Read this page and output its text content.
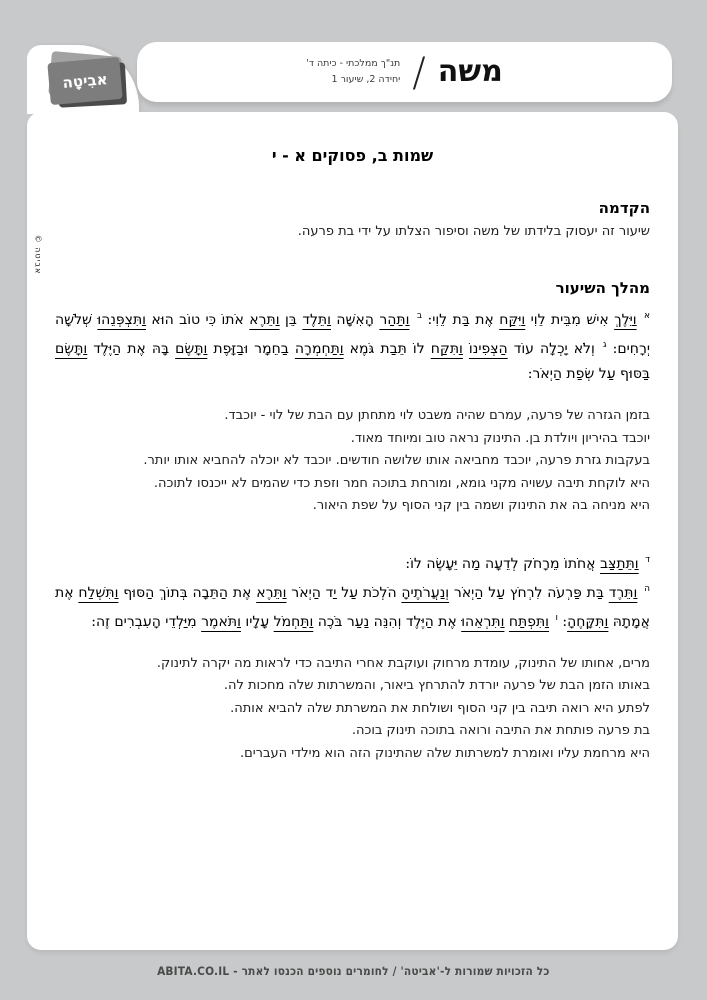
משה
/
תנ"ך ממלכתי - כיתה ד'
יחידה 2, שיעור 1
אבִיטָה
שמות ב, פסוקים א - י
הקדמה
שיעור זה יעסוק בלידתו של משה וסיפור הצלתו על ידי בת פרעה.
מהלך השיעור
$^א$ וַיֵּלֶךְ אִישׁ מִבֵּית לֵוִי וַיִּקַּח אֶת בַּת לֵוִי: $^ב$ וַתַּהַר הָאִשָּׁה וַתֵּלֶד בֵּן וַתֵּרֶא אֹתוֹ כִּי טוֹב הוּא וַתִּצְפְּנֵהוּ שְׁלֹשָׁה יְרָחִים: $^ג$ וְלֹא יָכְלָה עוֹד הַצְּפִינוֹ וַתִּקַּח לוֹ תֵּבַת גֹּמֶא וַתַּחְמְרָה בַחֵמָר וּבַזָּפֶת וַתָּשֶׂם בָּהּ אֶת הַיֶּלֶד וַתָּשֶׂם בַּסּוּף עַל שְׂפַת הַיְאֹר:
בזמן הגזרה של פרעה, עמרם שהיה משבט לוי מתחתן עם הבת של לוי - יוכבד.
יוכבד בהיריון ויולדת בן. התינוק נראה טוב ומיוחד מאוד.
בעקבות גזרת פרעה, יוכבד מחביאה אותו שלושה חודשים. יוכבד לא יוכלה להחביא אותו יותר.
היא לוקחת תיבה עשויה מקני גומא, ומורחת בתוכה חמר וזפת כדי שהמים לא ייכנסו לתוכה.
היא מניחה בה את התינוק ושמה בין קני הסוף על שפת היאור.
$^ד$ וַתֵּתַצַּב אֲחֹתוֹ מֵרָחֹק לְדֵעָה מַה יֵּעָשֶׂה לוֹ:
$^ה$ וַתֵּרֶד בַּת פַּרְעֹה לִרְחֹץ עַל הַיְאֹר וְנַעֲרֹתֶיהָ הֹלְכֹת עַל יַד הַיְאֹר וַתֵּרֶא אֶת הַתֵּבָה בְּתוֹךְ הַסּוּף וַתִּשְׁלַח אֶת אֲמָתָהּ וַתִּקָּחֶהָ: $^ו$ וַתִּפְתַּח וַתִּרְאֵהוּ אֶת הַיֶּלֶד וְהִנֵּה נַעַר בֹּכֶה וַתַּחְמֹל עָלָיו וַתֹּאמֶר מִיַּלְדֵי הָעִבְרִים זֶה:
מרים, אחותו של התינוק, עומדת מרחוק ועוקבת אחרי התיבה כדי לראות מה יקרה לתינוק.
באותו הזמן הבת של פרעה יורדת להתרחץ ביאור, והמשרתות שלה מחכות לה.
לפתע היא רואה תיבה בין קני הסוף ושולחת את המשרתת שלה להביא אותה.
בת פרעה פותחת את התיבה ורואה בתוכה תינוק בוכה.
היא מרחמת עליו ואומרת למשרתות שלה שהתינוק הזה הוא מילדי העברים.
אביטה ©
כל הזכויות שמורות ל-'אביטה' / לחומרים נוספים הכנסו לאתר - ABITA.CO.IL
